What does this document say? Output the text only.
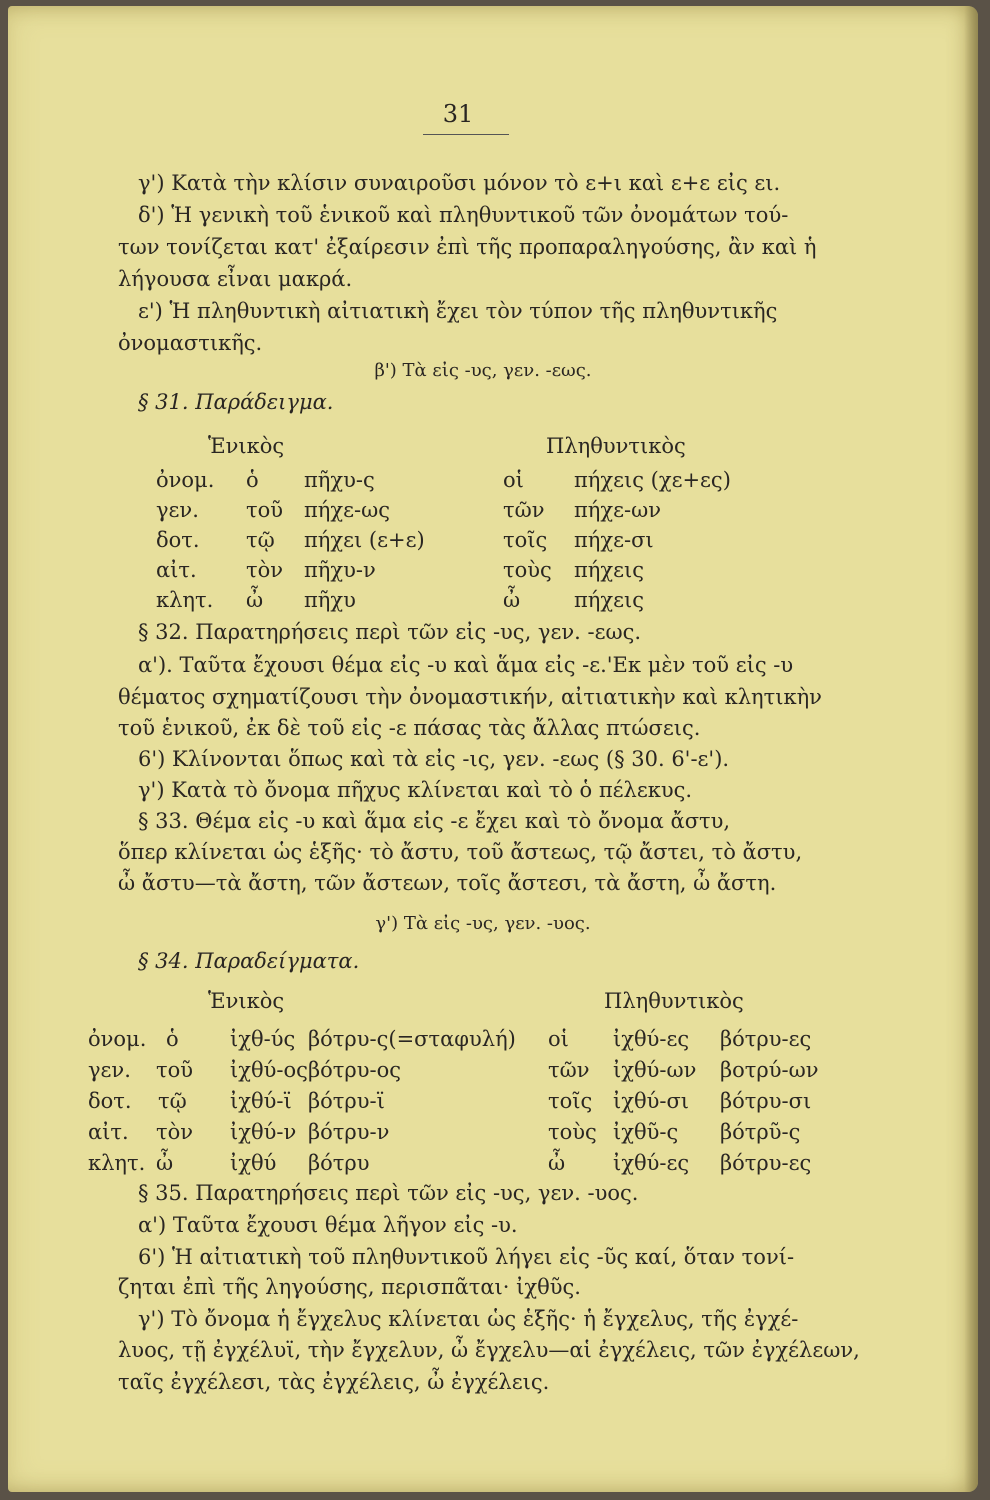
31
γ') Κατὰ τὴν κλίσιν συναιροῦσι μόνον τὸ ε+ι καὶ ε+ε εἰς ει.
δ') Ἡ γενικὴ τοῦ ἑνικοῦ καὶ πληθυντικοῦ τῶν ὀνομάτων τού-
των τονίζεται κατ' ἐξαίρεσιν ἐπὶ τῆς προπαραληγούσης, ἂν καὶ ἡ
λήγουσα εἶναι μακρά.
ε') Ἡ πληθυντικὴ αἰτιατικὴ ἔχει τὸν τύπον τῆς πληθυντικῆς
ὀνομαστικῆς.
β') Τὰ εἰς -υς, γεν. -εως.
§ 31. Παράδειγμα.
Ἑνικὸς	Πληθυντικὸς
ὀνομ. ὁ πῆχυ-ς	οἱ πήχεις (χε+ες)
γεν. τοῦ πήχε-ως	τῶν πήχε-ων
δοτ. τῷ πήχει (ε+ε)	τοῖς πήχε-σι
αἰτ. τὸν πῆχυ-ν	τοὺς πήχεις
κλητ. ὦ πῆχυ	ὦ	πήχεις
§ 32. Παρατηρήσεις περὶ τῶν εἰς -υς, γεν. -εως.
α'). Ταῦτα ἔχουσι θέμα εἰς -υ καὶ ἅμα εἰς -ε.'Εκ μὲν τοῦ εἰς -υ
θέματος σχηματίζουσι τὴν ὀνομαστικήν, αἰτιατικὴν καὶ κλητικὴν
τοῦ ἑνικοῦ, ἐκ δὲ τοῦ εἰς -ε πάσας τὰς ἄλλας πτώσεις.
6') Κλίνονται ὅπως καὶ τὰ εἰς -ις, γεν. -εως (§ 30. 6'-ε').
γ') Κατὰ τὸ ὄνομα πῆχυς κλίνεται καὶ τὸ ὁ πέλεκυς.
§ 33. Θέμα εἰς -υ καὶ ἅμα εἰς -ε ἔχει καὶ τὸ ὄνομα ἄστυ,
ὅπερ κλίνεται ὡς ἑξῆς· τὸ ἄστυ, τοῦ ἄστεως, τῷ ἄστει, τὸ ἄστυ,
ὦ ἄστυ—τὰ ἄστη, τῶν ἄστεων, τοῖς ἄστεσι, τὰ ἄστη, ὦ ἄστη.
γ') Τὰ εἰς -υς, γεν. -υος.
§ 34. Παραδείγματα.
Ἑνικὸς	Πληθυντικὸς
ὀνομ. ὁ ἰχθ-ύς βότρυ-ς(=σταφυλή) οἱ ἰχθύ-ες βότρυ-ες
γεν. τοῦ ἰχθύ-ος βότρυ-ος	τῶν ἰχθύ-ων βοτρύ-ων
δοτ. τῷ ἰχθύ-ϊ βότρυ-ϊ	τοῖς ἰχθύ-σι βότρυ-σι
αἰτ. τὸν ἰχθύ-ν βότρυ-ν	τοὺς ἰχθῦ-ς βότρῦ-ς
κλητ. ὦ	ἰχθύ βότρυ	ὦ ἰχθύ-ες βότρυ-ες
§ 35. Παρατηρήσεις περὶ τῶν εἰς -υς, γεν. -υος.
α') Ταῦτα ἔχουσι θέμα λῆγον εἰς -υ.
6') Ἡ αἰτιατικὴ τοῦ πληθυντικοῦ λήγει εἰς -ῦς καί, ὅταν τονί-
ζηται ἐπὶ τῆς ληγούσης, περισπᾶται· ἰχθῦς.
γ') Τὸ ὄνομα ἡ ἔγχελυς κλίνεται ὡς ἑξῆς· ἡ ἔγχελυς, τῆς ἐγχέ-
λυος, τῇ ἐγχέλυϊ, τὴν ἔγχελυν, ὦ ἔγχελυ—αἱ ἐγχέλεις, τῶν ἐγχέλεων,
ταῖς ἐγχέλεσι, τὰς ἐγχέλεις, ὦ ἐγχέλεις.
